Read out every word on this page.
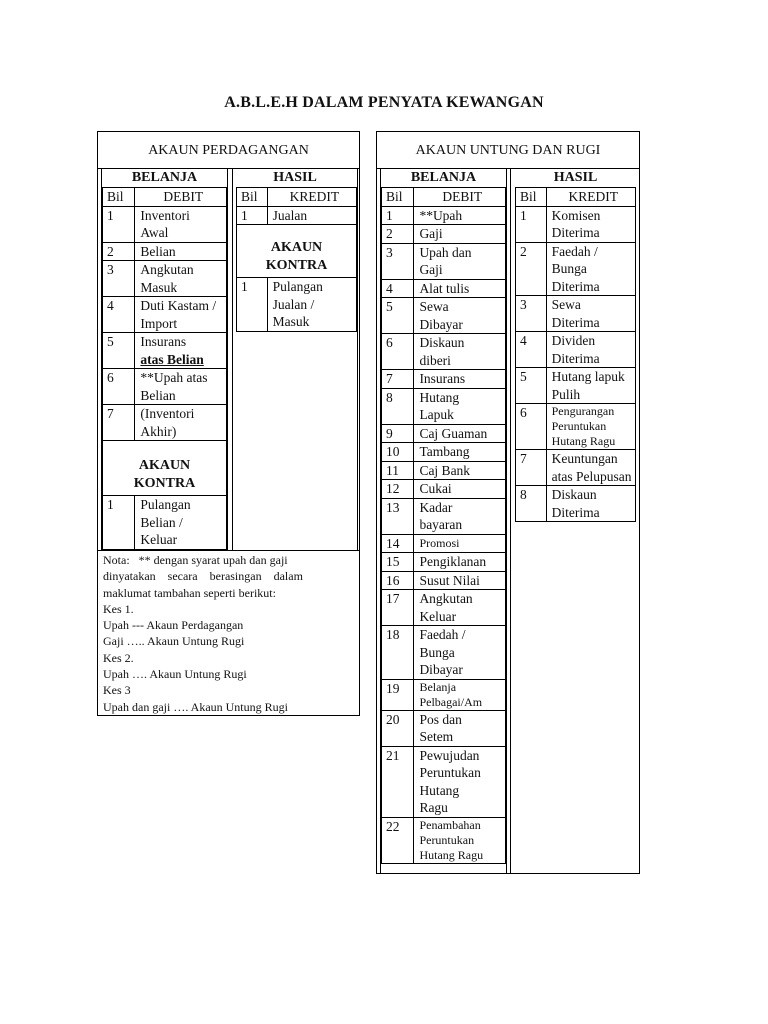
A.B.L.E.H DALAM PENYATA KEWANGAN
AKAUN PERDAGANGAN
BELANJA	HASIL
Bil	DEBIT
1	Inventori Awal
2	Belian
3	Angkutan Masuk
4	Duti Kastam / Import
5	Insurans
atas Belian

6	**Upah atas Belian
7	(Inventori Akhir)
AKAUN KONTRA	
1	Pulangan Belian / Keluar
Bil	KREDIT
1	Jualan
AKAUN KONTRA	
1	Pulangan Jualan / Masuk
Nota:   ** dengan syarat upah dan gaji
dinyatakan    secara    berasingan    dalam
maklumat tambahan seperti berikut:
Kes 1.
Upah --- Akaun Perdagangan
Gaji ….. Akaun Untung Rugi
Kes 2.
Upah …. Akaun Untung Rugi
Kes 3
Upah dan gaji …. Akaun Untung Rugi
AKAUN UNTUNG DAN RUGI
BELANJA	HASIL
Bil	DEBIT
1	**Upah
2	Gaji
3	Upah dan Gaji
4	Alat tulis
5	Sewa Dibayar
6	Diskaun diberi
7	Insurans
8	Hutang Lapuk
9	Caj Guaman
10	Tambang
11	Caj Bank
12	Cukai
13	Kadar bayaran
14	Promosi
15	Pengiklanan
16	Susut Nilai
17	Angkutan Keluar
18	Faedah / Bunga Dibayar
19	Belanja Pelbagai/Am
20	Pos dan Setem
21	Pewujudan Peruntukan Hutang Ragu
22	Penambahan Peruntukan Hutang Ragu
Bil	KREDIT
1	Komisen Diterima
2	Faedah / Bunga Diterima
3	Sewa Diterima
4	Dividen Diterima
5	Hutang lapuk Pulih
6	Pengurangan Peruntukan Hutang Ragu
7	Keuntungan atas Pelupusan
8	Diskaun Diterima
